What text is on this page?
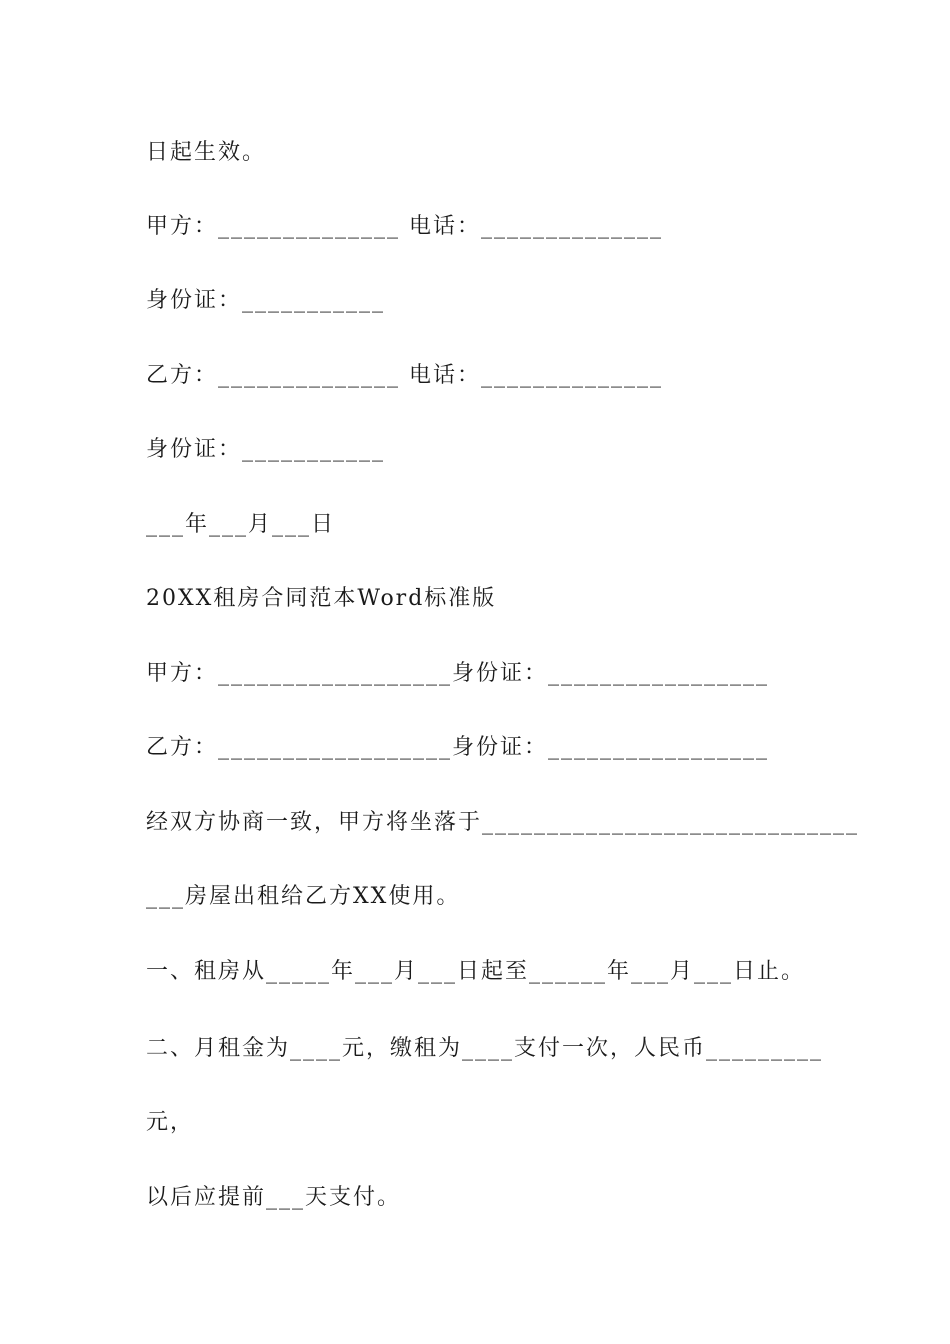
日起生效。
甲方：______________ 电话：______________
身份证：___________
乙方：______________ 电话：______________
身份证：___________
___年___月___日
20XX租房合同范本Word标准版
甲方：__________________身份证：_________________
乙方：__________________身份证：_________________
经双方协商一致，甲方将坐落于_____________________________
___房屋出租给乙方XX使用。
一、租房从_____年___月___日起至______年___月___日止。
二、月租金为____元，缴租为____支付一次，人民币_________
元，
以后应提前___天支付。
